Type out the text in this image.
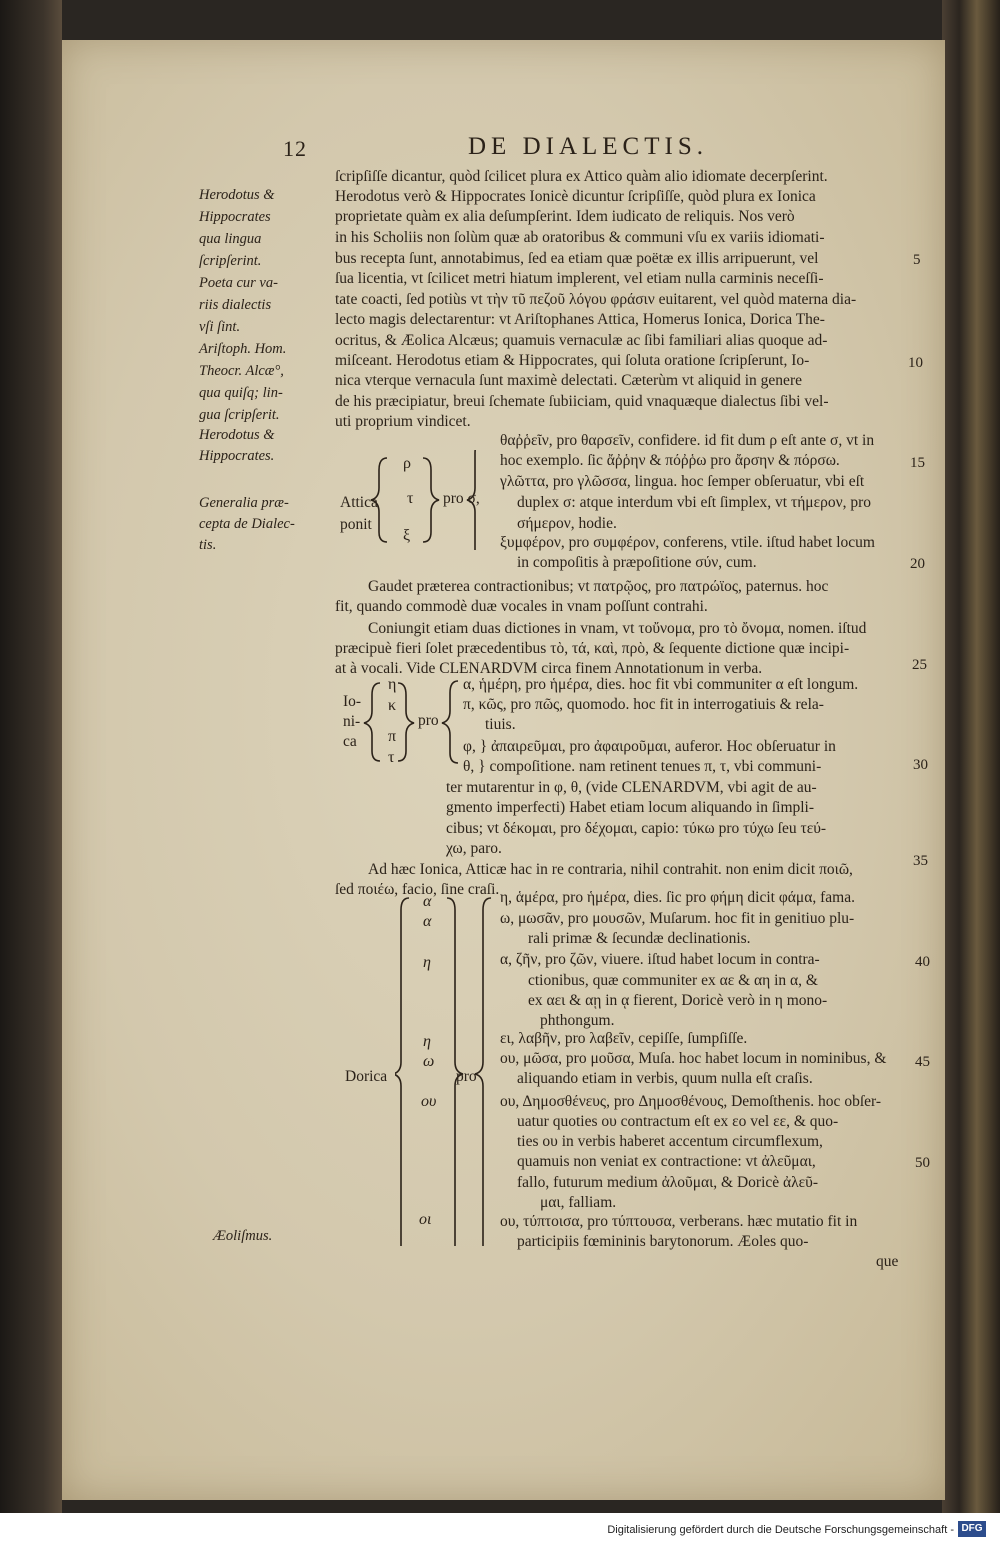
12	DE DIALECTIS.
Herodotus &
Hippocrates
qua lingua
ſcripſerint.
Poeta cur va-
riis dialectis
vſi ſint.
Ariſtoph. Hom.
Theocr. Alcæ°,
qua quiſq; lin-
gua ſcripſerit.
Herodotus &
Hippocrates.
Generalia præ-
cepta de Dialec-
tis.
Æoliſmus.
ſcripſiſſe dicantur, quòd ſcilicet plura ex Attico quàm alio idiomate decerpſerint.
Herodotus verò & Hippocrates Ionicè dicuntur ſcripſiſſe, quòd plura ex Ionica
proprietate quàm ex alia deſumpſerint. Idem iudicato de reliquis. Nos verò
in his Scholiis non ſolùm quæ ab oratoribus & communi vſu ex variis idiomati-
bus recepta ſunt, annotabimus, ſed ea etiam quæ poëtæ ex illis arripuerunt, vel
ſua licentia, vt ſcilicet metri hiatum implerent, vel etiam nulla carminis neceſſi-
tate coacti, ſed potiùs vt τὴν τῦ πεζοῦ λόγου φράσιν euitarent, vel quòd materna dia-
lecto magis delectarentur: vt Ariſtophanes Attica, Homerus Ionica, Dorica The-
ocritus, & Æolica Alcæus; quamuis vernaculæ ac ſibi familiari alias quoque ad-
miſceant. Herodotus etiam & Hippocrates, qui ſoluta oratione ſcripſerunt, Io-
nica vterque vernacula ſunt maximè delectati. Cæterùm vt aliquid in genere
de his præcipiatur, breui ſchemate ſubiiciam, quid vnaquæque dialectus ſibi vel-
uti proprium vindicet.
Attica ponit
ρ
τ
ξ
pro σ,
θαῤῥεῖν, pro θαρσεῖν, confidere. id fit dum ρ eſt ante σ, vt in
hoc exemplo. ſic ἄῤῥην & πόῤῥω pro ἄρσην & πόρσω.
γλῶττα, pro γλῶσσα, lingua. hoc ſemper obſeruatur, vbi eſt
duplex σ: atque interdum vbi eſt ſimplex, vt τήμερον, pro
σήμερον, hodie.
ξυμφέρον, pro συμφέρον, conferens, vtile. iſtud habet locum
in compoſitis à præpoſitione σύν, cum.
Gaudet præterea contractionibus; vt πατρῷος, pro πατρώϊος, paternus. hoc
fit, quando commodè duæ vocales in vnam poſſunt contrahi.
Coniungit etiam duas dictiones in vnam, vt τοὔνομα, pro τὸ ὄνομα, nomen. iſtud
præcipuè fieri ſolet præcedentibus τὸ, τά, καὶ, πρὸ, & ſequente dictione quæ incipi-
at à vocali. Vide CLENARDVM circa finem Annotationum in verba.
Io-
ni-
ca
η
κ
π
τ
pro
α, ἡμέρη, pro ἡμέρα, dies. hoc fit vbi communiter α eſt longum.
π, κῶς, pro πῶς, quomodo. hoc fit in interrogatiuis & rela-
tiuis.
φ, } ἀπαιρεῦμαι, pro ἀφαιροῦμαι, auferor. Hoc obſeruatur in
θ, } compoſitione. nam retinent tenues π, τ, vbi communi-
ter mutarentur in φ, θ, (vide CLENARDVM, vbi agit de au-
gmento imperfecti) Habet etiam locum aliquando in ſimpli-
cibus; vt δέκομαι, pro δέχομαι, capio: τύκω pro τύχω ſeu τεύ-
χω, paro.
Ad hæc Ionica, Atticæ hac in re contraria, nihil contrahit. non enim dicit ποιῶ,
ſed ποιέω, facio, ſine craſi.
Dorica	pro
α
α
η
η
ω
ου
οι
η, ἁμέρα, pro ἡμέρα, dies. ſic pro φήμη dicit φάμα, fama.
ω, μωσᾶν, pro μουσῶν, Muſarum. hoc fit in genitiuo plu-
rali primæ & ſecundæ declinationis.
α, ζῆν, pro ζῶν, viuere. iſtud habet locum in contra-
ctionibus, quæ communiter ex αε & αη in α, &
ex αει & αῃ in ᾳ fierent, Doricè verò in η mono-
phthongum.
ει, λαβῆν, pro λαβεῖν, cepiſſe, ſumpſiſſe.
ου, μῶσα, pro μοῦσα, Muſa. hoc habet locum in nominibus, &
aliquando etiam in verbis, quum nulla eſt craſis.
ου, Δημοσθένευς, pro Δημοσθένους, Demoſthenis. hoc obſer-
uatur quoties ου contractum eſt ex εο vel εε, & quo-
ties ου in verbis haberet accentum circumflexum,
quamuis non veniat ex contractione: vt ἀλεῦμαι,
fallo, futurum medium ἀλοῦμαι, & Doricè ἀλεῦ-
μαι, falliam.
ου, τύπτοισα, pro τύπτουσα, verberans. hæc mutatio fit in
participiis fœmininis barytonorum. Æoles quo-
que
5
10
15
20
25
30
35
40
45
50
Digitalisierung gefördert durch die Deutsche Forschungsgemeinschaft - DFG
